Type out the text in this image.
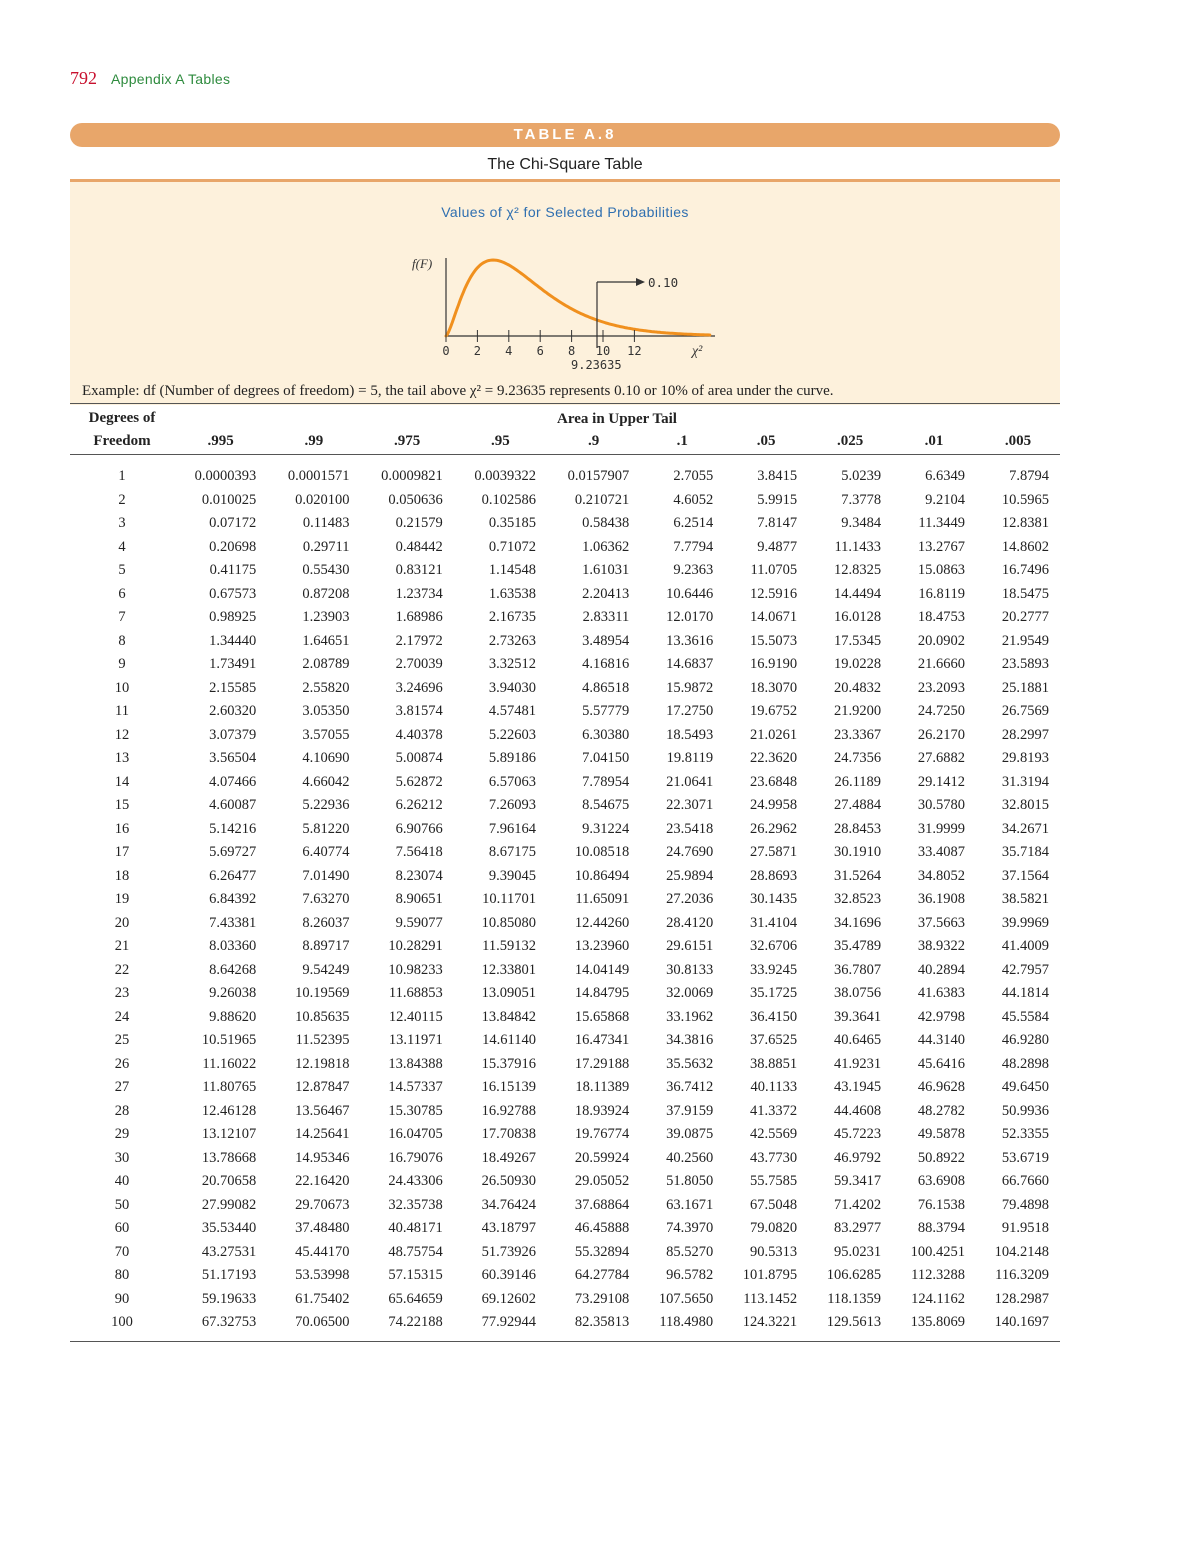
792 Appendix A Tables
TABLE A.8
The Chi-Square Table
Values of χ² for Selected Probabilities
f(F)
0 2 4 6 8 10 12
0.10
9.23635
χ²
Example: df (Number of degrees of freedom) = 5, the tail above χ² = 9.23635 represents 0.10 or 10% of area under the curve.
Degrees of	Area in Upper Tail									
Freedom	.995	.99	.975	.95	.9	.1	.05	.025	.01	.005
1	0.0000393	0.0001571	0.0009821	0.0039322	0.0157907	2.7055	3.8415	5.0239	6.6349	7.8794
2	0.010025	0.020100	0.050636	0.102586	0.210721	4.6052	5.9915	7.3778	9.2104	10.5965
3	0.07172	0.11483	0.21579	0.35185	0.58438	6.2514	7.8147	9.3484	11.3449	12.8381
4	0.20698	0.29711	0.48442	0.71072	1.06362	7.7794	9.4877	11.1433	13.2767	14.8602
5	0.41175	0.55430	0.83121	1.14548	1.61031	9.2363	11.0705	12.8325	15.0863	16.7496
6	0.67573	0.87208	1.23734	1.63538	2.20413	10.6446	12.5916	14.4494	16.8119	18.5475
7	0.98925	1.23903	1.68986	2.16735	2.83311	12.0170	14.0671	16.0128	18.4753	20.2777
8	1.34440	1.64651	2.17972	2.73263	3.48954	13.3616	15.5073	17.5345	20.0902	21.9549
9	1.73491	2.08789	2.70039	3.32512	4.16816	14.6837	16.9190	19.0228	21.6660	23.5893
10	2.15585	2.55820	3.24696	3.94030	4.86518	15.9872	18.3070	20.4832	23.2093	25.1881
11	2.60320	3.05350	3.81574	4.57481	5.57779	17.2750	19.6752	21.9200	24.7250	26.7569
12	3.07379	3.57055	4.40378	5.22603	6.30380	18.5493	21.0261	23.3367	26.2170	28.2997
13	3.56504	4.10690	5.00874	5.89186	7.04150	19.8119	22.3620	24.7356	27.6882	29.8193
14	4.07466	4.66042	5.62872	6.57063	7.78954	21.0641	23.6848	26.1189	29.1412	31.3194
15	4.60087	5.22936	6.26212	7.26093	8.54675	22.3071	24.9958	27.4884	30.5780	32.8015
16	5.14216	5.81220	6.90766	7.96164	9.31224	23.5418	26.2962	28.8453	31.9999	34.2671
17	5.69727	6.40774	7.56418	8.67175	10.08518	24.7690	27.5871	30.1910	33.4087	35.7184
18	6.26477	7.01490	8.23074	9.39045	10.86494	25.9894	28.8693	31.5264	34.8052	37.1564
19	6.84392	7.63270	8.90651	10.11701	11.65091	27.2036	30.1435	32.8523	36.1908	38.5821
20	7.43381	8.26037	9.59077	10.85080	12.44260	28.4120	31.4104	34.1696	37.5663	39.9969
21	8.03360	8.89717	10.28291	11.59132	13.23960	29.6151	32.6706	35.4789	38.9322	41.4009
22	8.64268	9.54249	10.98233	12.33801	14.04149	30.8133	33.9245	36.7807	40.2894	42.7957
23	9.26038	10.19569	11.68853	13.09051	14.84795	32.0069	35.1725	38.0756	41.6383	44.1814
24	9.88620	10.85635	12.40115	13.84842	15.65868	33.1962	36.4150	39.3641	42.9798	45.5584
25	10.51965	11.52395	13.11971	14.61140	16.47341	34.3816	37.6525	40.6465	44.3140	46.9280
26	11.16022	12.19818	13.84388	15.37916	17.29188	35.5632	38.8851	41.9231	45.6416	48.2898
27	11.80765	12.87847	14.57337	16.15139	18.11389	36.7412	40.1133	43.1945	46.9628	49.6450
28	12.46128	13.56467	15.30785	16.92788	18.93924	37.9159	41.3372	44.4608	48.2782	50.9936
29	13.12107	14.25641	16.04705	17.70838	19.76774	39.0875	42.5569	45.7223	49.5878	52.3355
30	13.78668	14.95346	16.79076	18.49267	20.59924	40.2560	43.7730	46.9792	50.8922	53.6719
40	20.70658	22.16420	24.43306	26.50930	29.05052	51.8050	55.7585	59.3417	63.6908	66.7660
50	27.99082	29.70673	32.35738	34.76424	37.68864	63.1671	67.5048	71.4202	76.1538	79.4898
60	35.53440	37.48480	40.48171	43.18797	46.45888	74.3970	79.0820	83.2977	88.3794	91.9518
70	43.27531	45.44170	48.75754	51.73926	55.32894	85.5270	90.5313	95.0231	100.4251	104.2148
80	51.17193	53.53998	57.15315	60.39146	64.27784	96.5782	101.8795	106.6285	112.3288	116.3209
90	59.19633	61.75402	65.64659	69.12602	73.29108	107.5650	113.1452	118.1359	124.1162	128.2987
100	67.32753	70.06500	74.22188	77.92944	82.35813	118.4980	124.3221	129.5613	135.8069	140.1697
